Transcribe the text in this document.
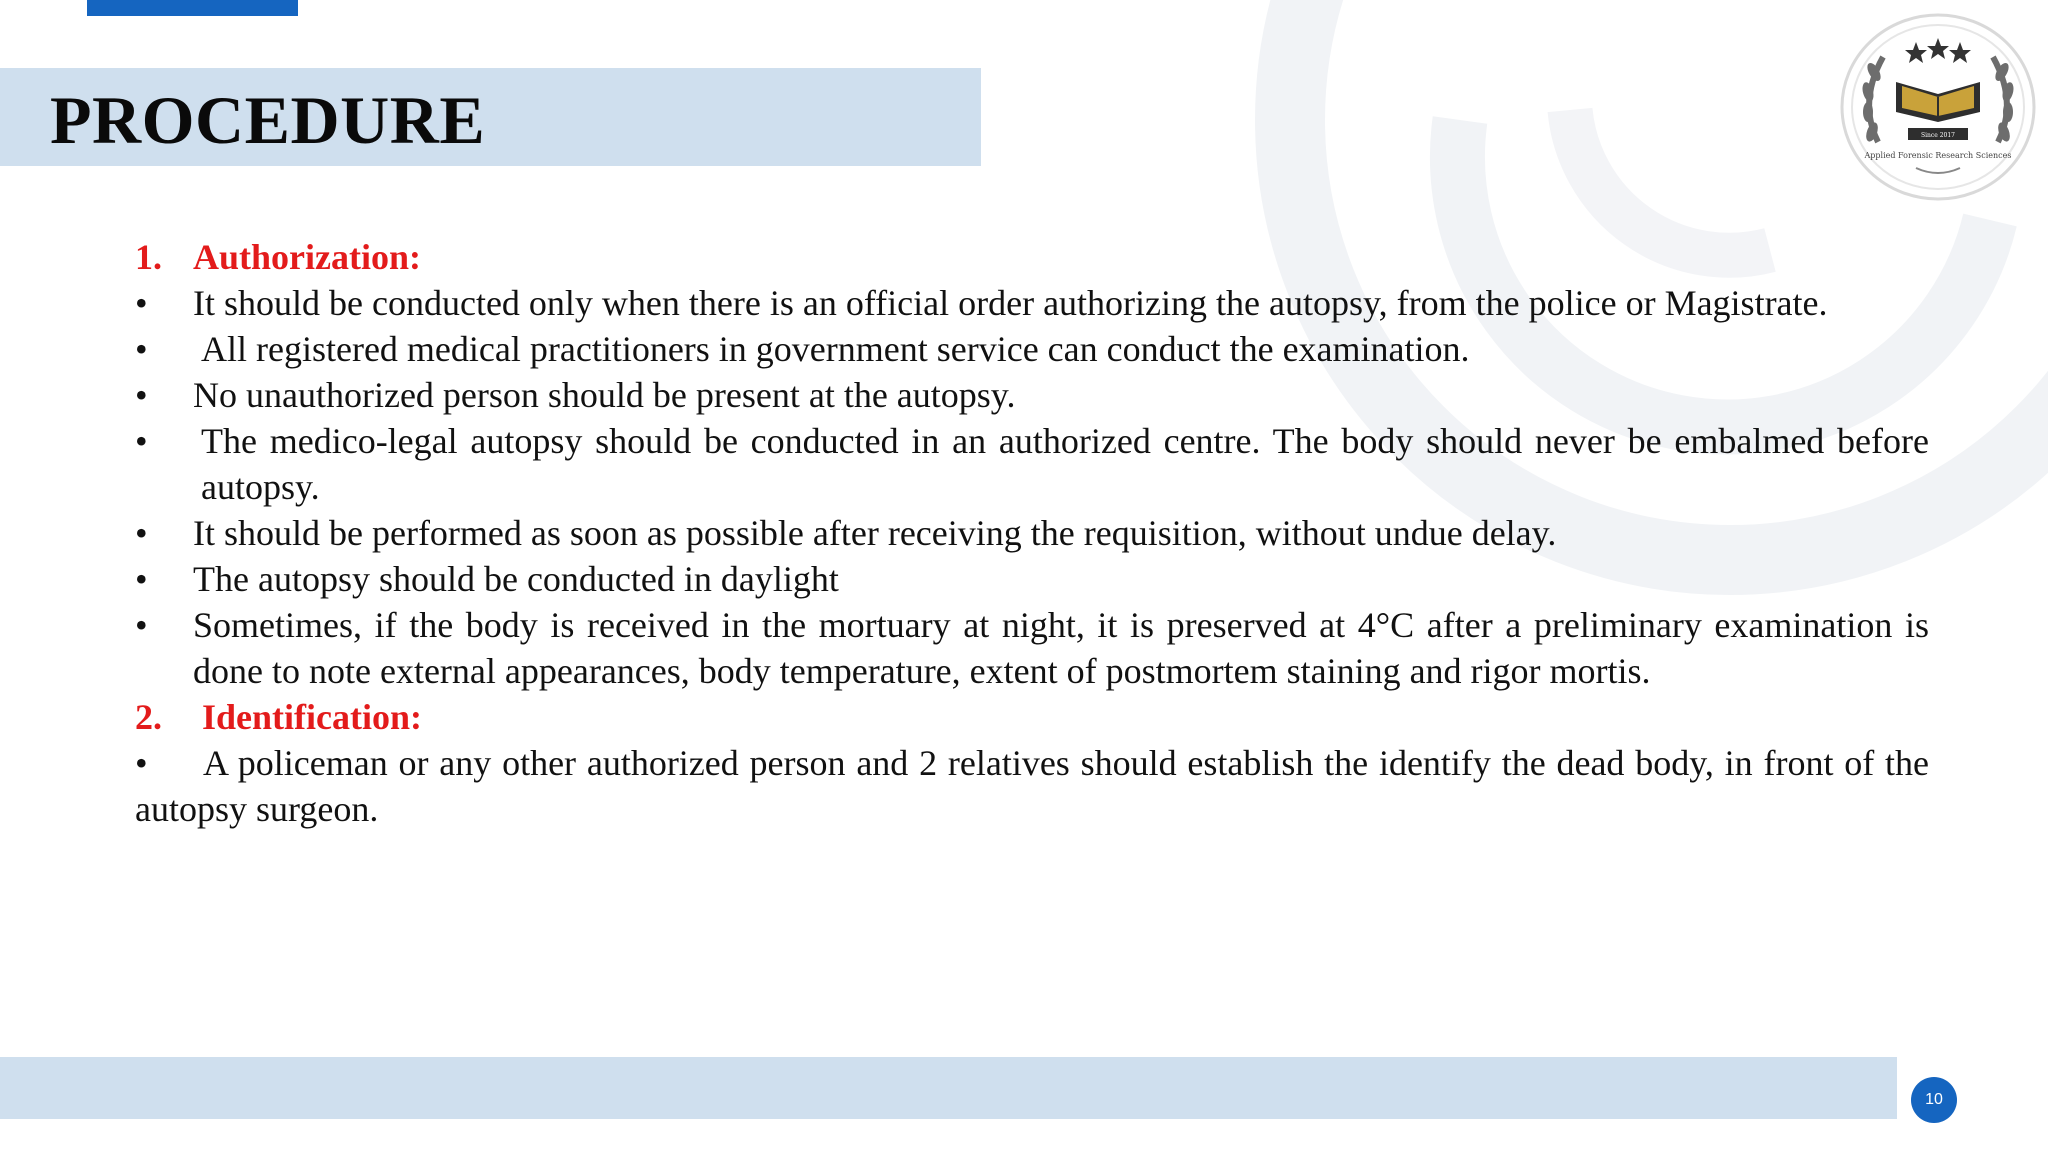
PROCEDURE	Since 2017
Applied Forensic Research Sciences
1. Authorization:
•	It should be conducted only when there is an official order authorizing the autopsy, from the police or Magistrate.
•	All registered medical practitioners in government service can conduct the examination.
•	No unauthorized person should be present at the autopsy.
•	The medico-legal autopsy should be conducted in an authorized centre. The body should never be embalmed before autopsy.
•	It should be performed as soon as possible after receiving the requisition, without undue delay.
•	The autopsy should be conducted in daylight
•	Sometimes, if the body is received in the mortuary at night, it is preserved at 4°C after a preliminary examination is done to note external appearances, body temperature, extent of postmortem staining and rigor mortis.
2.	Identification:
• A policeman or any other authorized person and 2 relatives should establish the identify the dead body, in front of the autopsy surgeon.
10
